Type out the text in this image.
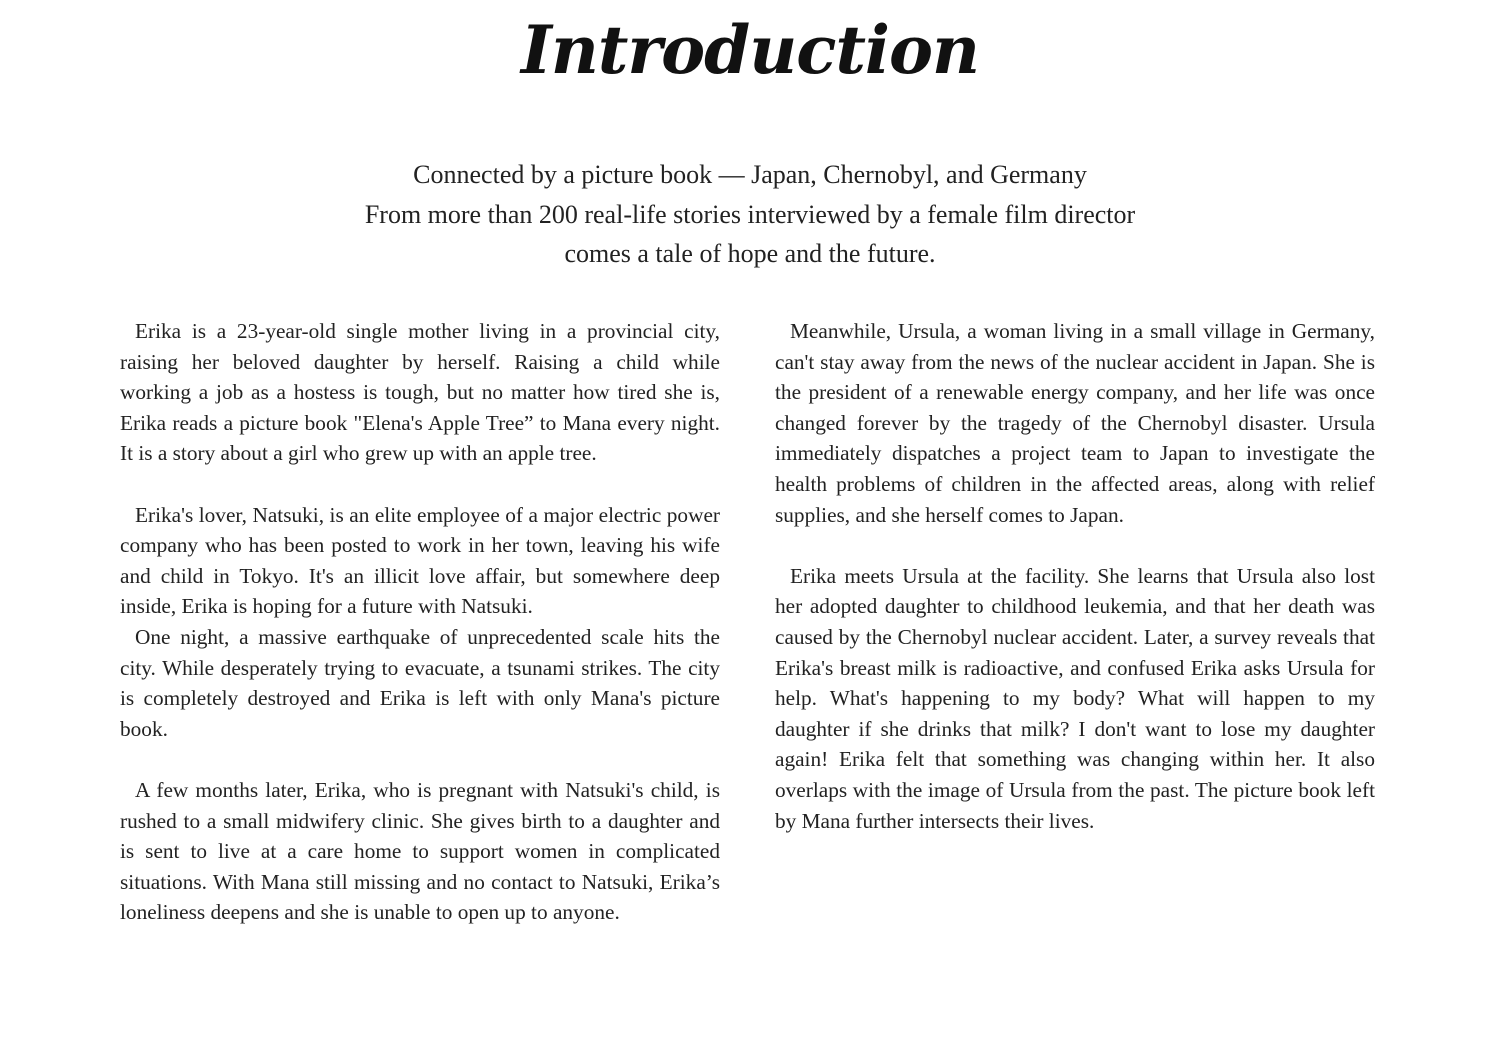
Introduction
Connected by a picture book — Japan, Chernobyl, and Germany
From more than 200 real-life stories interviewed by a female film director
comes a tale of hope and the future.

Erika is a 23-year-old single mother living in a provincial city, raising her beloved daughter by herself. Raising a child while working a job as a hostess is tough, but no matter how tired she is, Erika reads a picture book "Elena's Apple Tree” to Mana every night. It is a story about a girl who grew up with an apple tree.

Erika's lover, Natsuki, is an elite employee of a major electric power company who has been posted to work in her town, leaving his wife and child in Tokyo. It's an illicit love affair, but somewhere deep inside, Erika is hoping for a future with Natsuki.

One night, a massive earthquake of unprecedented scale hits the city. While desperately trying to evacuate, a tsunami strikes. The city is completely destroyed and Erika is left with only Mana's picture book.

A few months later, Erika, who is pregnant with Natsuki's child, is rushed to a small midwifery clinic. She gives birth to a daughter and is sent to live at a care home to support women in complicated situations. With Mana still missing and no contact to Natsuki, Erika’s loneliness deepens and she is unable to open up to anyone.

Meanwhile, Ursula, a woman living in a small village in Germany, can't stay away from the news of the nuclear accident in Japan. She is the president of a renewable energy company, and her life was once changed forever by the tragedy of the Chernobyl disaster. Ursula immediately dispatches a project team to Japan to investigate the health problems of children in the affected areas, along with relief supplies, and she herself comes to Japan.

Erika meets Ursula at the facility. She learns that Ursula also lost her adopted daughter to childhood leukemia, and that her death was caused by the Chernobyl nuclear accident. Later, a survey reveals that Erika's breast milk is radioactive, and confused Erika asks Ursula for help. What's happening to my body? What will happen to my daughter if she drinks that milk? I don't want to lose my daughter again! Erika felt that something was changing within her. It also overlaps with the image of Ursula from the past. The picture book left by Mana further intersects their lives.
